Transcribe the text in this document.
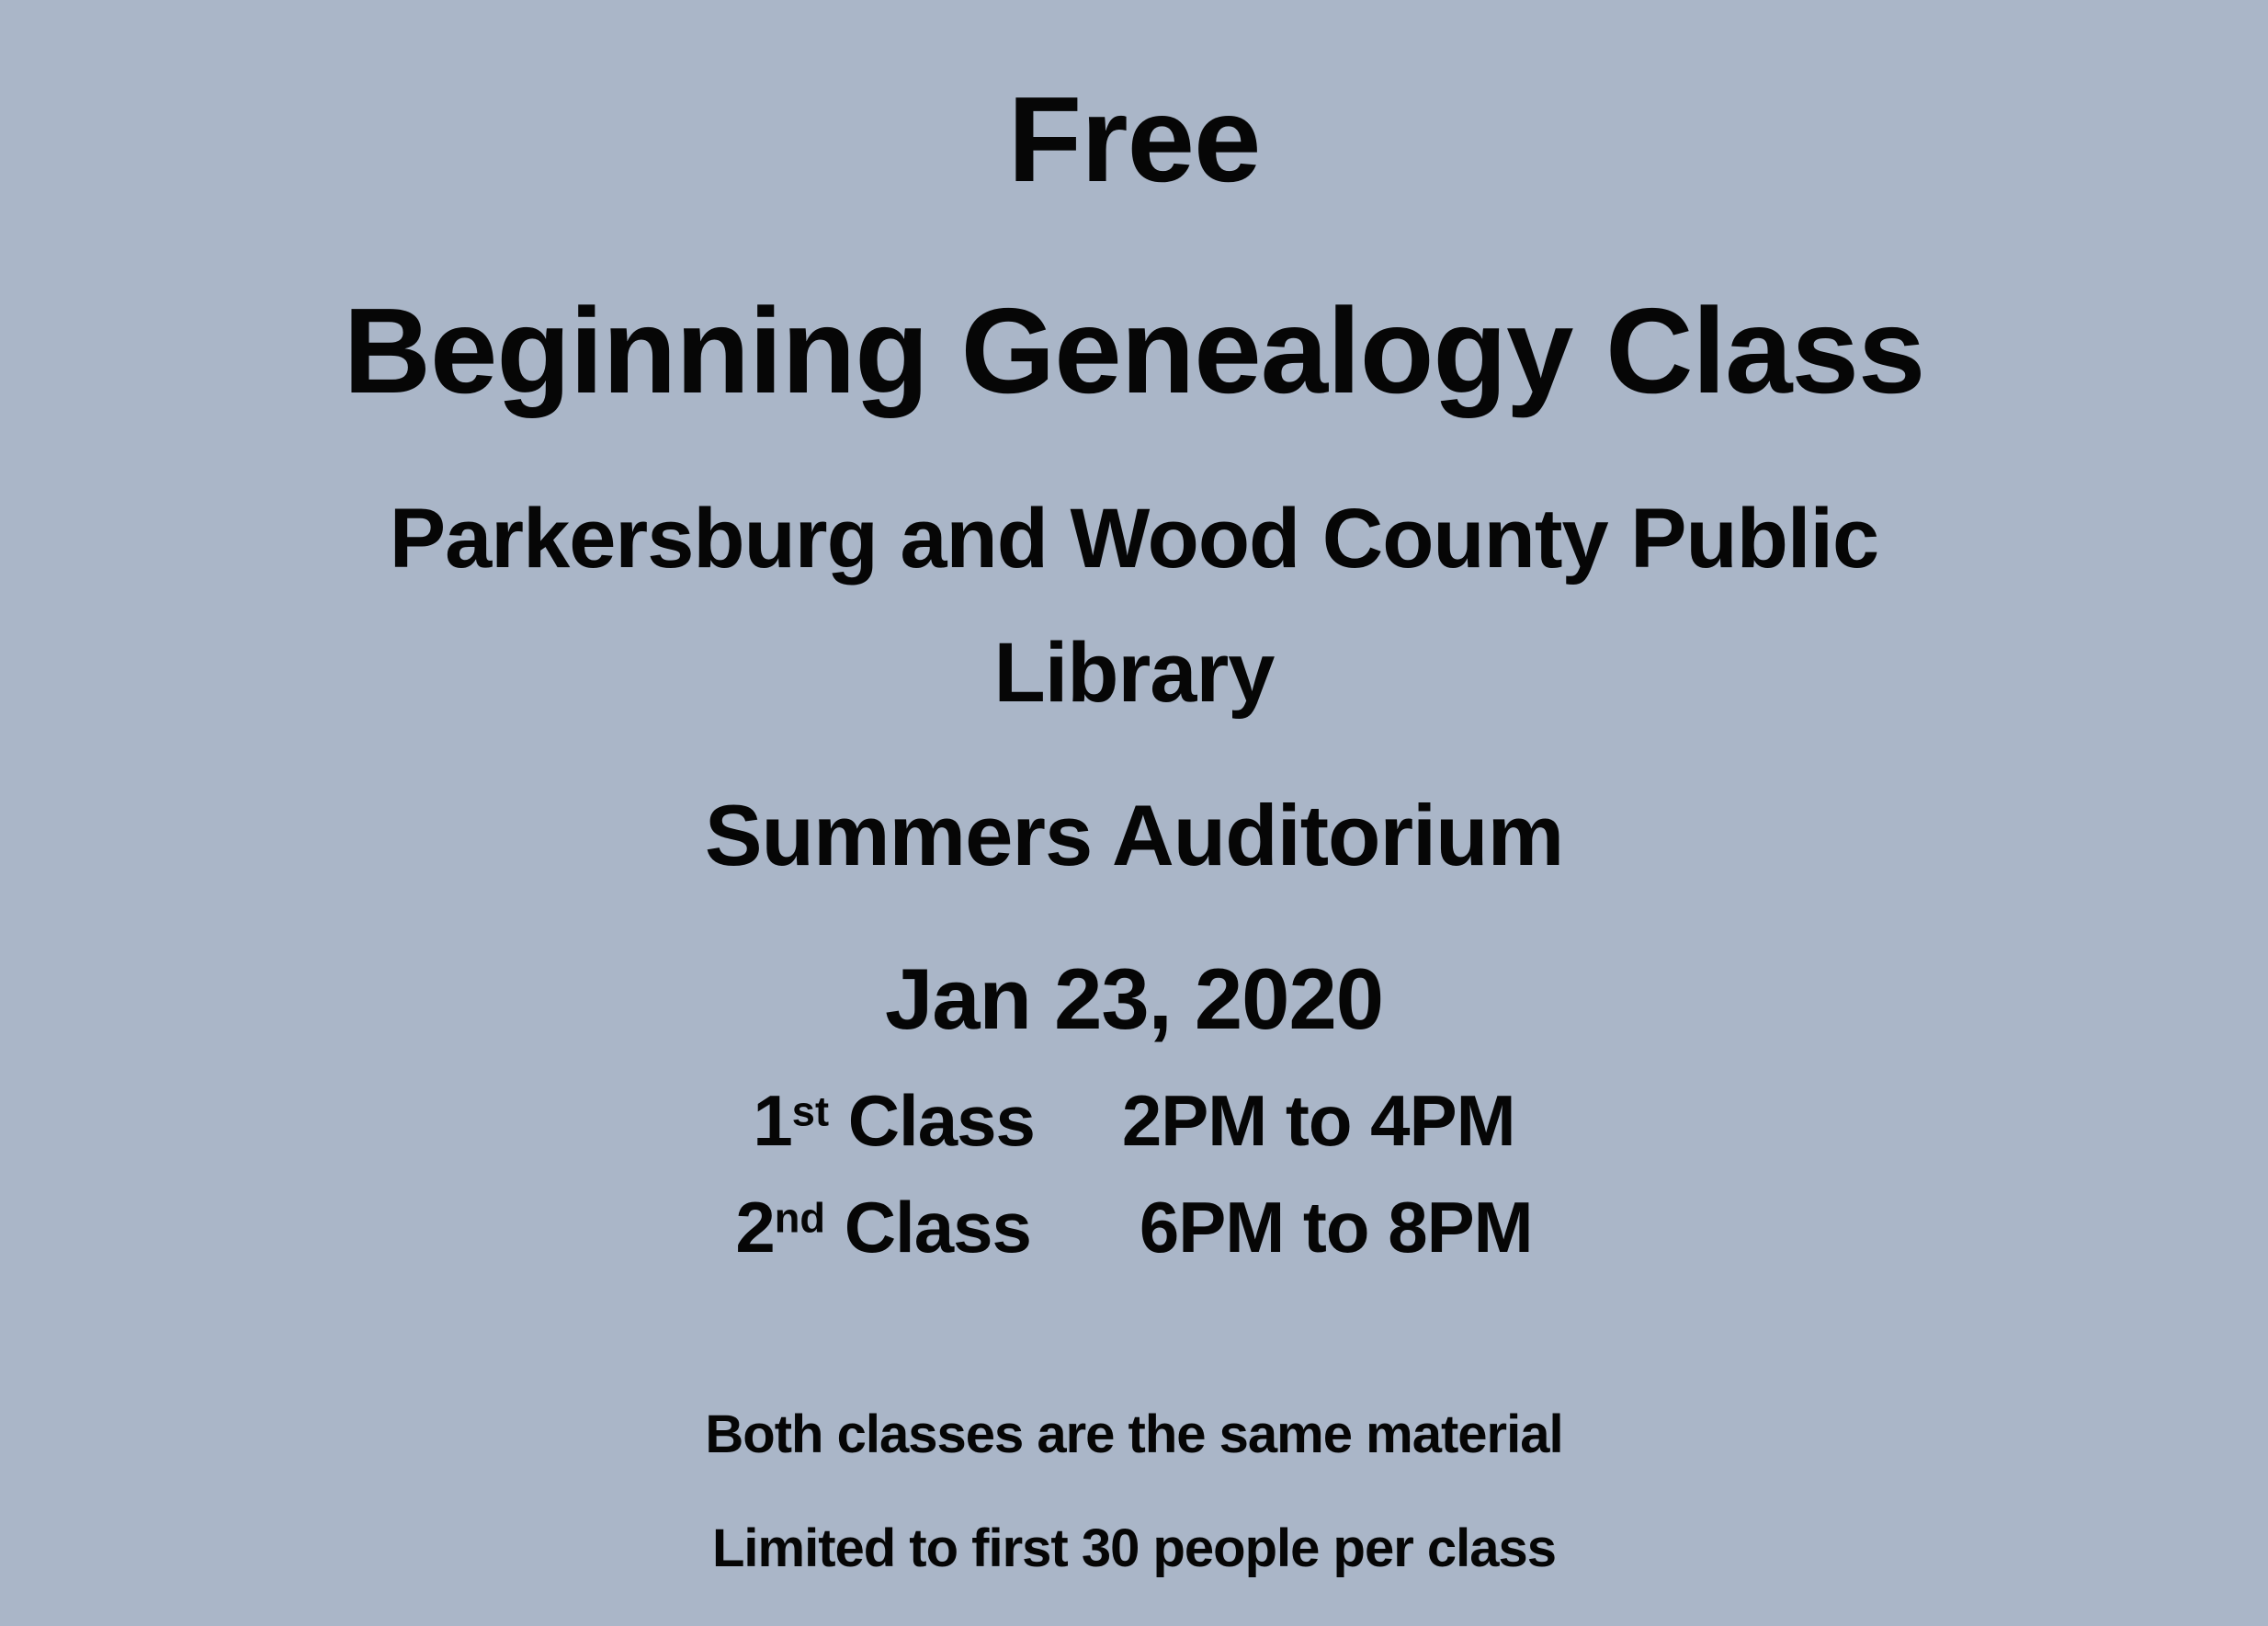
Free
Beginning Genealogy Class
Parkersburg and Wood County Public
Library
Summers Auditorium
Jan 23, 2020
1st Class 2PM to 4PM
2nd Class 6PM to 8PM
Both classes are the same material
Limited to first 30 people per class
